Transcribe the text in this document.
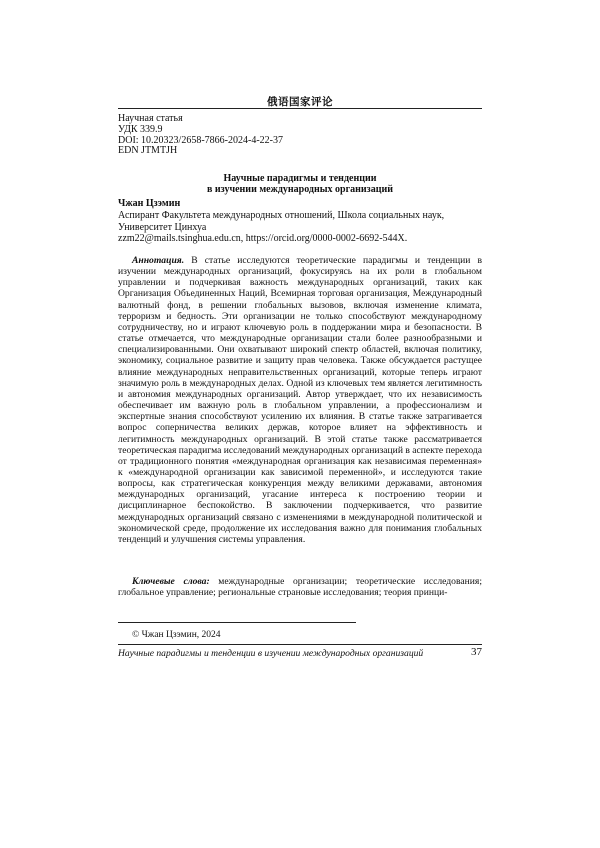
俄语国家评论
Научная статья
УДК 339.9
DOI: 10.20323/2658-7866-2024-4-22-37
EDN JTMTJH
Научные парадигмы и тенденции
в изучении международных организаций
Чжан Цзэмин
Аспирант Факультета международных отношений, Школа социальных наук,
Университет Цинхуа
zzm22@mails.tsinghua.edu.cn, https://orcid.org/0000-0002-6692-544X.

Аннотация. В статье исследуются теоретические парадигмы и тенденции в изучении международных организаций, фокусируясь на их роли в глобальном управлении и подчеркивая важность международных организаций, таких как Организация Объединенных Наций, Всемирная торговая организация, Международный валютный фонд, в решении глобальных вызовов, включая изменение климата, терроризм и бедность. Эти организации не только способствуют международному сотрудничеству, но и играют ключевую роль в поддержании мира и безопасности. В статье отмечается, что международные организации стали более разнообразными и специализированными. Они охватывают широкий спектр областей, включая политику, экономику, социальное развитие и защиту прав человека. Также обсуждается растущее влияние международных неправительственных организаций, которые теперь играют значимую роль в международных делах. Одной из ключевых тем является легитимность и автономия международных организаций. Автор утверждает, что их независимость обеспечивает им важную роль в глобальном управлении, а профессионализм и экспертные знания способствуют усилению их влияния. В статье также затрагивается вопрос соперничества великих держав, которое влияет на эффективность и легитимность международных организаций. В этой статье также рассматривается теоретическая парадигма исследований международных организаций в аспекте перехода от традиционного понятия «международная организация как независимая переменная» к «международной организации как зависимой переменной», и исследуются такие вопросы, как стратегическая конкуренция между великими державами, автономия международных организаций, угасание интереса к построению теории и дисциплинарное беспокойство. В заключении подчеркивается, что развитие международных организаций связано с изменениями в международной политической и экономической среде, продолжение их исследования важно для понимания глобальных тенденций и улучшения системы управления.

Ключевые слова: международные организации; теоретические исследования; глобальное управление; региональные страновые исследования; теория принци-

© Чжан Цзэмин, 2024
Научные парадигмы и тенденции в изучении международных организаций	37
